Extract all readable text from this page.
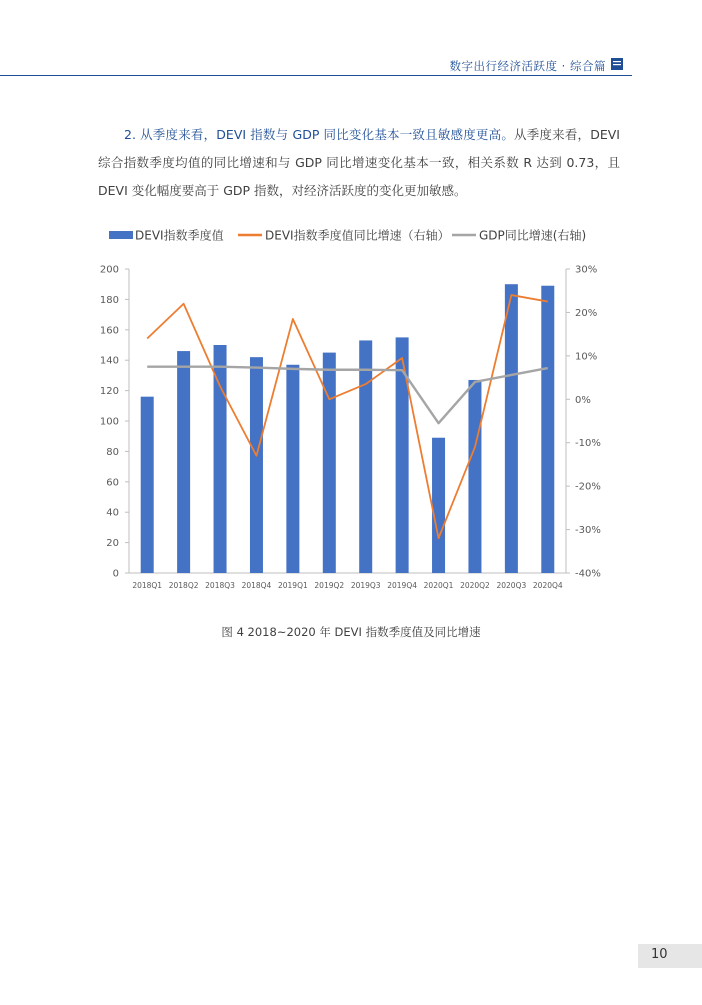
数字出行经济活跃度 · 综合篇
2. 从季度来看，DEVI 指数与 GDP 同比变化基本一致且敏感度更高。从季度来看，DEVI 综合指数季度均值的同比增速和与 GDP 同比增速变化基本一致，相关系数 R 达到 0.73，且 DEVI 变化幅度要高于 GDP 指数，对经济活跃度的变化更加敏感。
0
20
40
60
80
100
120
140
160
180
200
-40%
-30%
-20%
-10%
0%
10%
20%
30%
2018Q1 2018Q2 2018Q3 2018Q4 2019Q1 2019Q2 2019Q3 2019Q4 2020Q1 2020Q2 2020Q3 2020Q4
DEVI指数季度值	DEVI指数季度值同比增速（右轴） GDP同比增速(右轴)
图 4 2018~2020 年 DEVI 指数季度值及同比增速
10
